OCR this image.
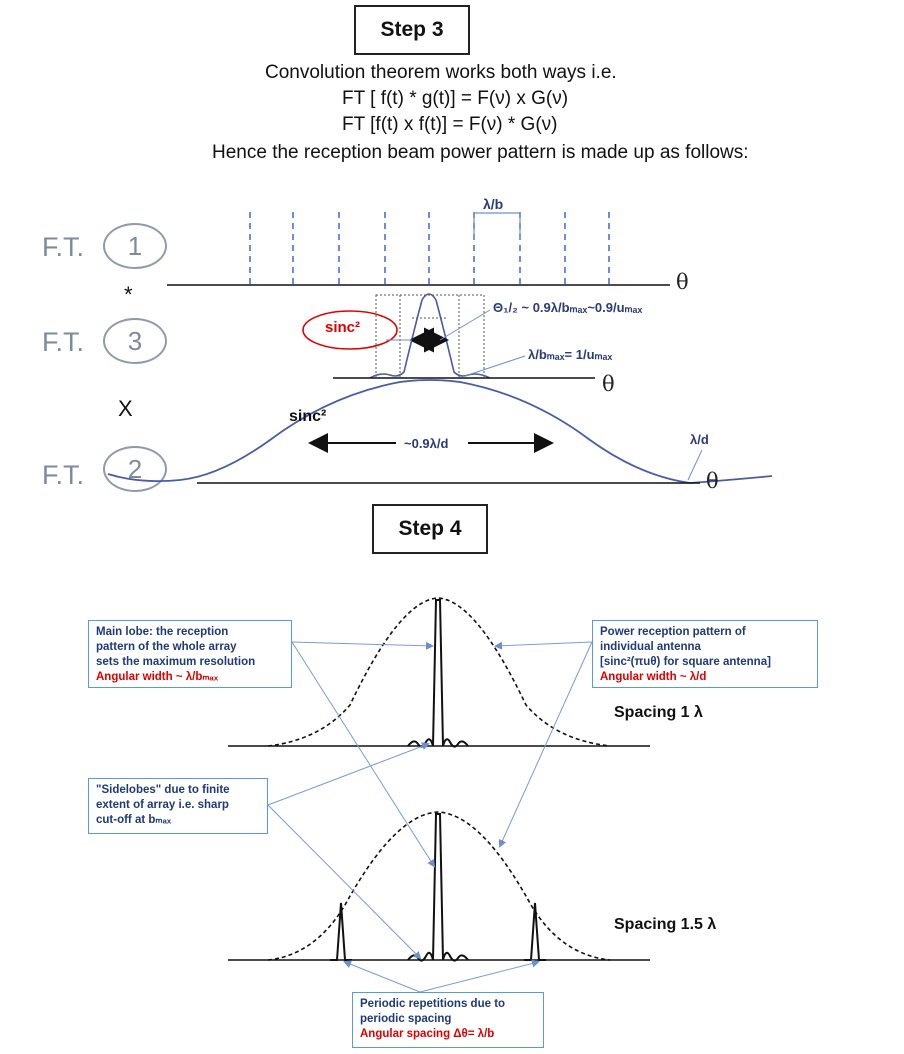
Step 3
Convolution theorem works both ways i.e.
FT [ f(t) * g(t)] = F(ν) x G(ν)
FT [f(t) x f(t)] = F(ν) * G(ν)
Hence the reception beam power pattern is made up as follows:
F.T.	1
*
F.T.	3
X
F.T.	2
λ/b
θ
sinc²
Θ₁/₂ ~ 0.9λ/bₘₐₓ~0.9/uₘₐₓ
λ/bₘₐₓ= 1/uₘₐₓ
θ
sinc²
~0.9λ/d	λ/d
θ
Step 4
Main lobe: the reception
pattern of the whole array
sets the maximum resolution
Angular width ~ λ/bₘₐₓ
Power reception pattern of
individual antenna
[sinc²(πuθ) for square antenna]
Angular width ~ λ/d
Spacing 1 λ
"Sidelobes" due to finite
extent of array i.e. sharp
cut-off at bₘₐₓ
Spacing 1.5 λ
Periodic repetitions due to
periodic spacing
Angular spacing Δθ= λ/b
